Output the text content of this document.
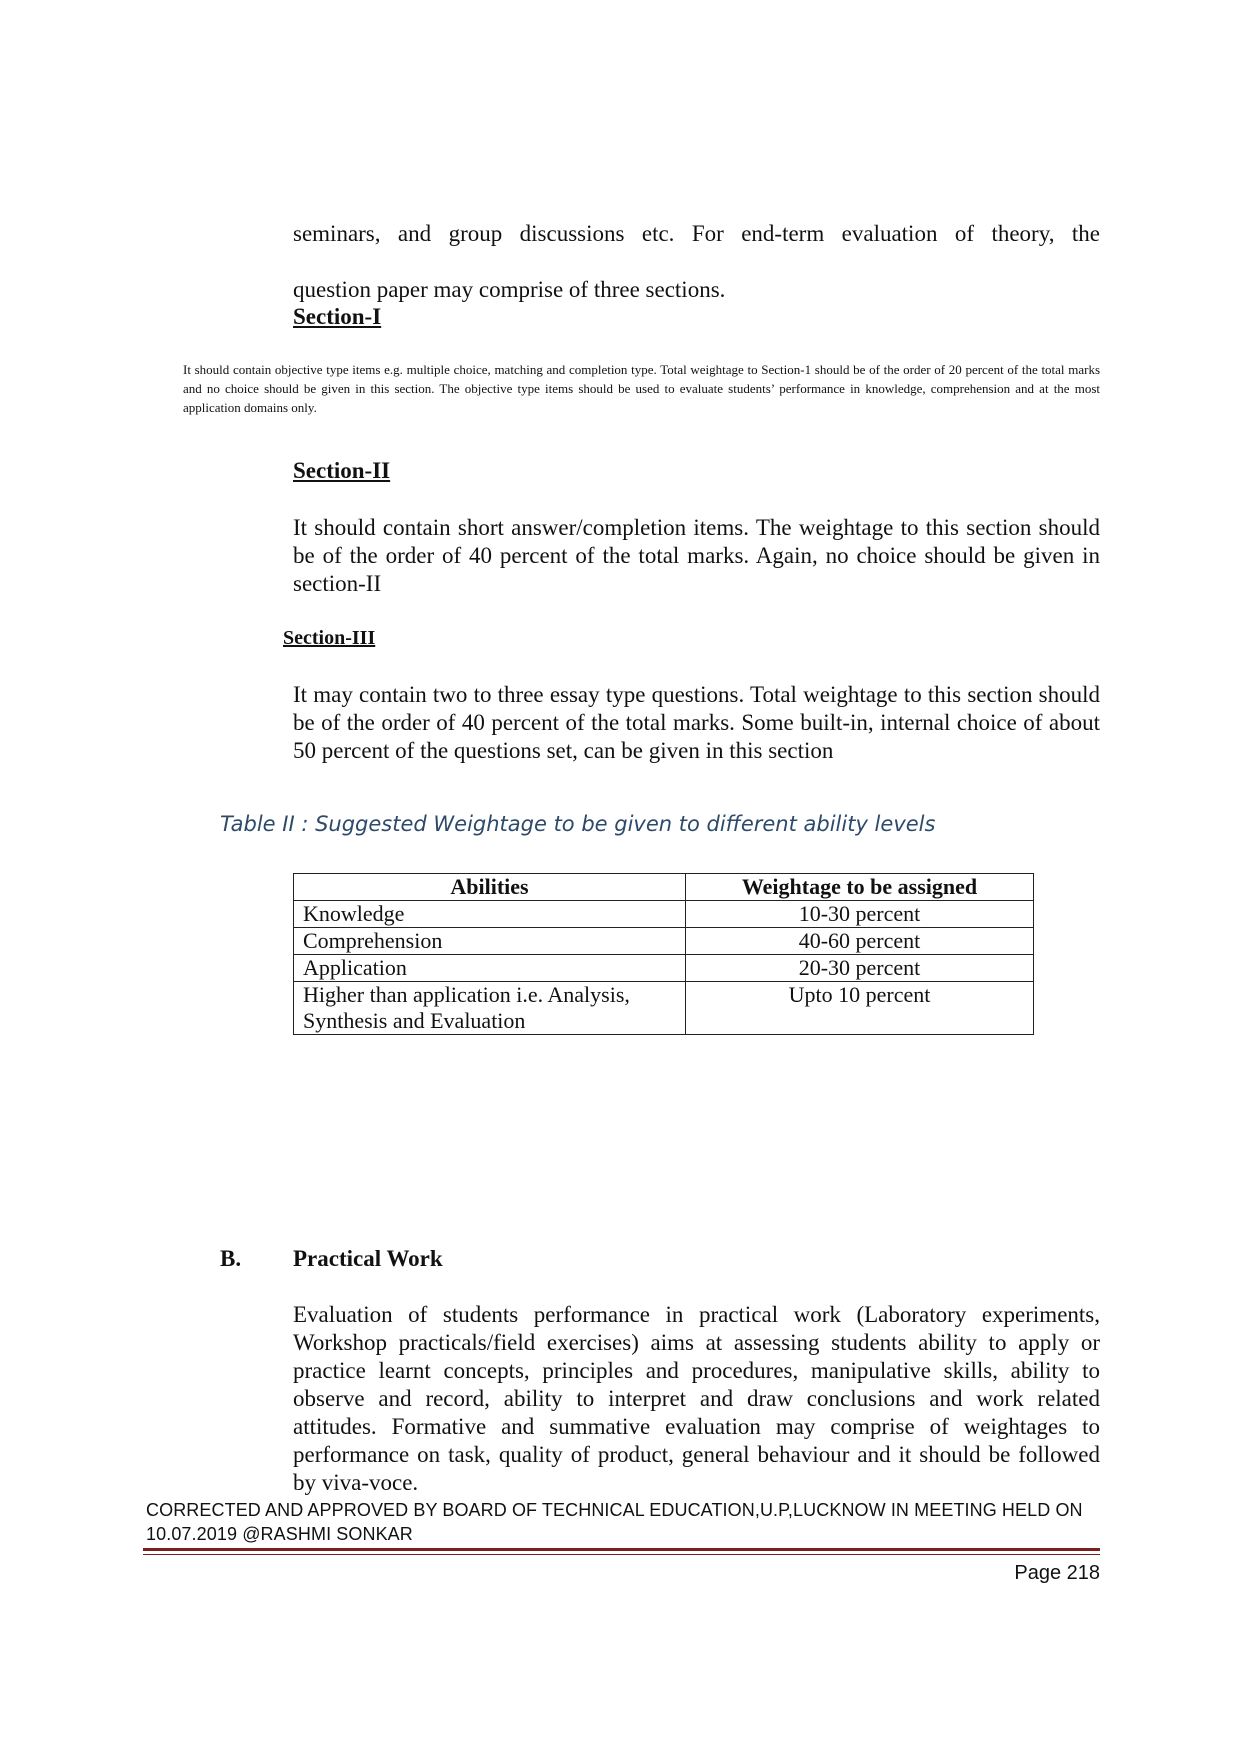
seminars, and group discussions etc. For end-term evaluation of theory, the
question paper may comprise of three sections.
Section-I
It should contain objective type items e.g. multiple choice, matching and completion type. Total weightage to Section-1 should be of the order of 20 percent of the total marks and no choice should be given in this section. The objective type items should be used to evaluate students’ performance in knowledge, comprehension and at the most application domains only.
Section-II
It should contain short answer/completion items. The weightage to this section should be of the order of 40 percent of the total marks. Again, no choice should be given in section-II
Section-III
It may contain two to three essay type questions. Total weightage to this section should be of the order of 40 percent of the total marks. Some built-in, internal choice of about 50 percent of the questions set, can be given in this section
Table II : Suggested Weightage to be given to different ability levels
Abilities	Weightage to be assigned
Knowledge	10-30 percent
Comprehension	40-60 percent
Application	20-30 percent
Higher than application i.e. Analysis, Synthesis and Evaluation	Upto 10 percent
B. Practical Work
Evaluation of students performance in practical work (Laboratory experiments, Workshop practicals/field exercises) aims at assessing students ability to apply or practice learnt concepts, principles and procedures, manipulative skills, ability to observe and record, ability to interpret and draw conclusions and work related attitudes. Formative and summative evaluation may comprise of weightages to performance on task, quality of product, general behaviour and it should be followed by viva-voce.
CORRECTED AND APPROVED BY BOARD OF TECHNICAL EDUCATION,U.P,LUCKNOW IN MEETING HELD ON
10.07.2019 @RASHMI SONKAR
Page 218
